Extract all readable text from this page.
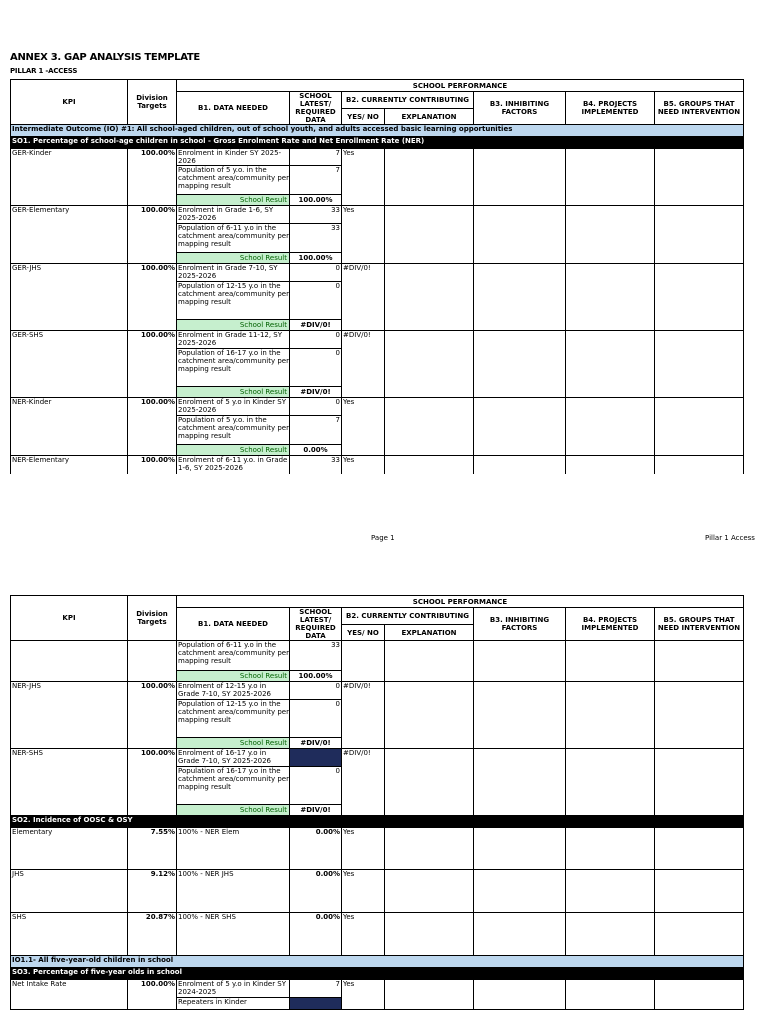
ANNEX 3. GAP ANALYSIS TEMPLATE
PILLAR 1 -ACCESS
KPI	Division Targets	SCHOOL PERFORMANCE						
		B1. DATA NEEDED	SCHOOL LATEST/ REQUIRED DATA	B2. CURRENTLY CONTRIBUTING		B3. INHIBITING FACTORS	B4. PROJECTS IMPLEMENTED	B5. GROUPS THAT NEED INTERVENTION
				YES/ NO	EXPLANATION			
Intermediate Outcome (IO) #1: All school-aged children, out of school youth, and adults accessed basic learning opportunities								
SO1. Percentage of school-age children in school - Gross Enrolment Rate and Net Enrollment Rate (NER)								
GER-Kinder	100.00%	Enrolment in Kinder SY 2025-2026	7	Yes				
		Population of 5 y.o. in the catchment area/community per mapping result	7					
		School Result	100.00%					
GER-Elementary	100.00%	Enrolment in Grade 1-6, SY 2025-2026	33	Yes				
		Population of 6-11 y.o in the catchment area/community per mapping result	33					
		School Result	100.00%					
GER-JHS	100.00%	Enrolment in Grade 7-10, SY 2025-2026	0	#DIV/0!				
		Population of 12-15 y.o in the catchment area/community per mapping result	0					
		School Result	#DIV/0!					
GER-SHS	100.00%	Enrolment in Grade 11-12, SY 2025-2026	0	#DIV/0!				
		Population of 16-17 y.o in the catchment area/community per mapping result	0					
		School Result	#DIV/0!					
NER-Kinder	100.00%	Enrolment of 5 y.o in Kinder SY 2025-2026	0	Yes				
		Population of 5 y.o. in the catchment area/community per mapping result	7					
		School Result	0.00%					
NER-Elementary	100.00%	Enrolment of 6-11 y.o. in Grade 1-6, SY 2025-2026	33	Yes				
Page 1	Pillar 1 Access
KPI	Division Targets	SCHOOL PERFORMANCE						
		B1. DATA NEEDED	SCHOOL LATEST/ REQUIRED DATA	B2. CURRENTLY CONTRIBUTING		B3. INHIBITING FACTORS	B4. PROJECTS IMPLEMENTED	B5. GROUPS THAT NEED INTERVENTION
				YES/ NO	EXPLANATION			
		Population of 6-11 y.o in the catchment area/community per mapping result	33					
		School Result	100.00%					
NER-JHS	100.00%	Enrolment of 12-15 y.o in Grade 7-10, SY 2025-2026	0	#DIV/0!				
		Population of 12-15 y.o in the catchment area/community per mapping result	0					
		School Result	#DIV/0!					
NER-SHS	100.00%	Enrolment of 16-17 y.o in Grade 7-10, SY 2025-2026		#DIV/0!				
		Population of 16-17 y.o in the catchment area/community per mapping result	0					
		School Result	#DIV/0!					
SO2. Incidence of OOSC & OSY								
Elementary	7.55%	100% - NER Elem	0.00%	Yes				
JHS	9.12%	100% - NER JHS	0.00%	Yes				
SHS	20.87%	100% - NER SHS	0.00%	Yes				
IO1.1- All five-year-old children in school								
SO3. Percentage of five-year olds in school								
Net Intake Rate	100.00%	Enrolment of 5 y.o in Kinder SY 2024-2025	7	Yes				
		Repeaters in Kinder						
